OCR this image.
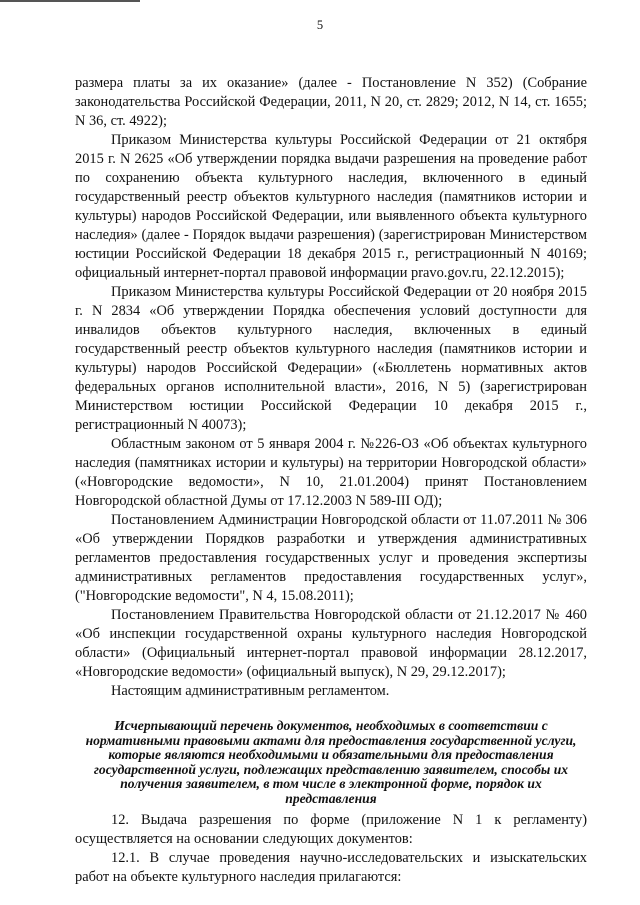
5

размера платы за их оказание» (далее - Постановление N 352) (Собрание законодательства Российской Федерации, 2011, N 20, ст. 2829; 2012, N 14, ст. 1655; N 36, ст. 4922);

Приказом Министерства культуры Российской Федерации от 21 октября 2015 г. N 2625 «Об утверждении порядка выдачи разрешения на проведение работ по сохранению объекта культурного наследия, включенного в единый государственный реестр объектов культурного наследия (памятников истории и культуры) народов Российской Федерации, или выявленного объекта культурного наследия» (далее - Порядок выдачи разрешения) (зарегистрирован Министерством юстиции Российской Федерации 18 декабря 2015 г., регистрационный N 40169; официальный интернет-портал правовой информации pravo.gov.ru, 22.12.2015);

Приказом Министерства культуры Российской Федерации от 20 ноября 2015 г. N 2834 «Об утверждении Порядка обеспечения условий доступности для инвалидов объектов культурного наследия, включенных в единый государственный реестр объектов культурного наследия (памятников истории и культуры) народов Российской Федерации» («Бюллетень нормативных актов федеральных органов исполнительной власти», 2016, N 5) (зарегистрирован Министерством юстиции Российской Федерации 10 декабря 2015 г., регистрационный N 40073);

Областным законом от 5 января 2004 г. №226-ОЗ «Об объектах культурного наследия (памятниках истории и культуры) на территории Новгородской области» («Новгородские ведомости», N 10, 21.01.2004) принят Постановлением Новгородской областной Думы от 17.12.2003 N 589-III ОД);

Постановлением Администрации Новгородской области от 11.07.2011 № 306 «Об утверждении Порядков разработки и утверждения административных регламентов предоставления государственных услуг и проведения экспертизы административных регламентов предоставления государственных услуг», ("Новгородские ведомости", N 4, 15.08.2011);

Постановлением Правительства Новгородской области от 21.12.2017 № 460 «Об инспекции государственной охраны культурного наследия Новгородской области» (Официальный интернет-портал правовой информации 28.12.2017, «Новгородские ведомости» (официальный выпуск), N 29, 29.12.2017);

Настоящим административным регламентом.

Исчерпывающий перечень документов, необходимых в соответствии с нормативными правовыми актами для предоставления государственной услуги, которые являются необходимыми и обязательными для предоставления государственной услуги, подлежащих представлению заявителем, способы их получения заявителем, в том числе в электронной форме, порядок их представления

12. Выдача разрешения по форме (приложение N 1 к регламенту) осуществляется на основании следующих документов:

12.1. В случае проведения научно-исследовательских и изыскательских работ на объекте культурного наследия прилагаются:
